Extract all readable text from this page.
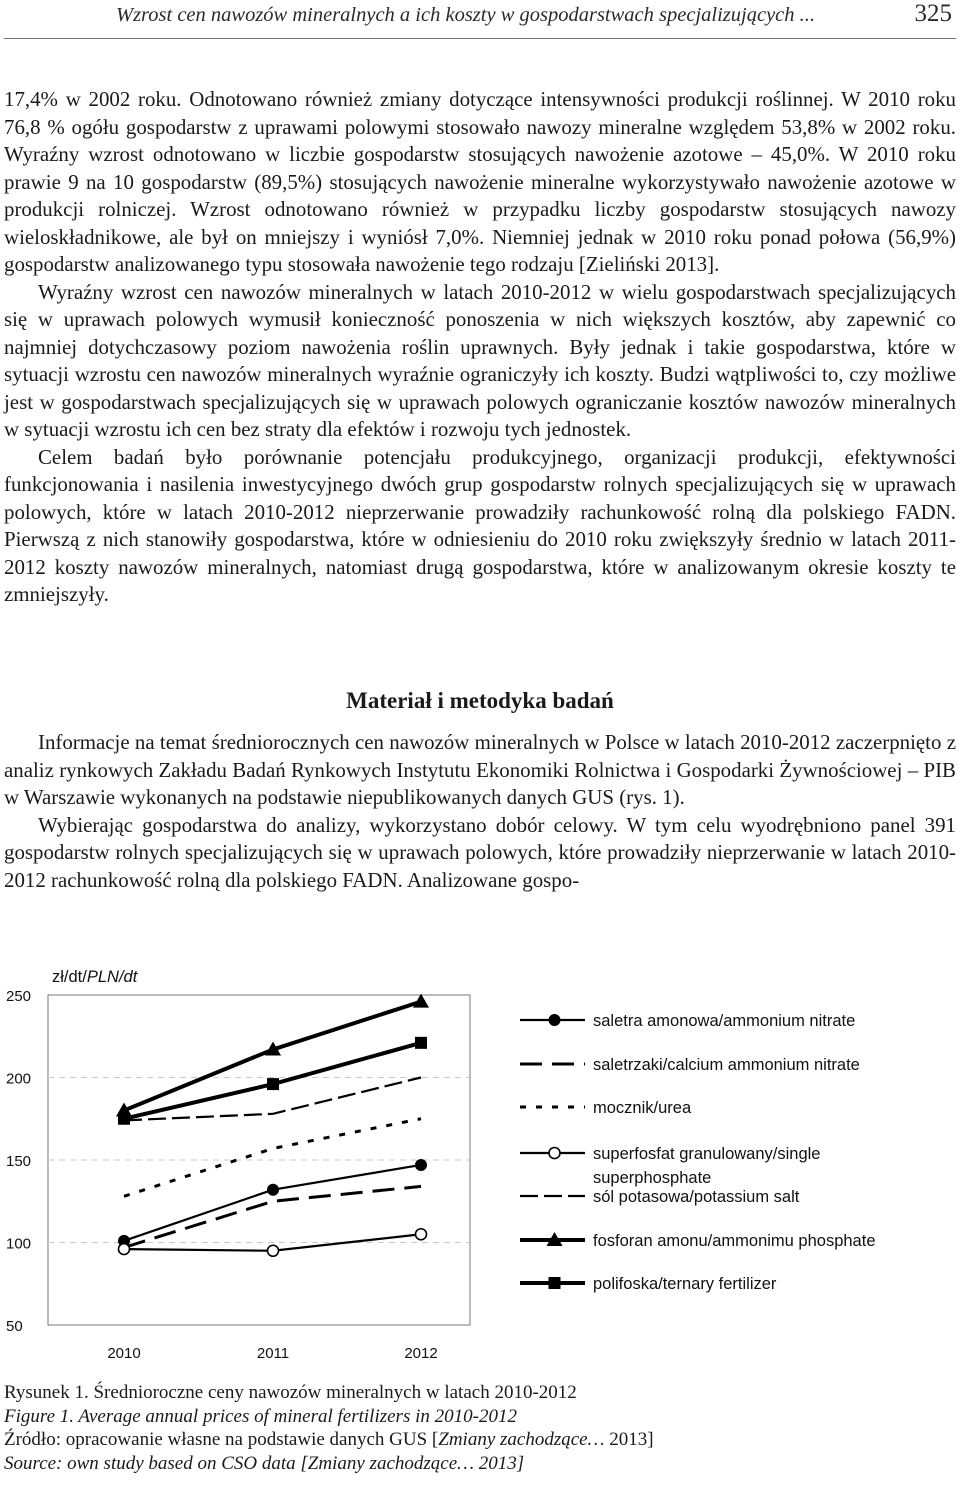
Wzrost cen nawozów mineralnych a ich koszty w gospodarstwach specjalizujących ...	325

17,4% w 2002 roku. Odnotowano również zmiany dotyczące intensywności produkcji roślinnej. W 2010 roku 76,8 % ogółu gospodarstw z uprawami polowymi stosowało nawozy mineralne względem 53,8% w 2002 roku. Wyraźny wzrost odnotowano w liczbie gospodarstw stosujących nawożenie azotowe – 45,0%. W 2010 roku prawie 9 na 10 gospodarstw (89,5%) stosujących nawożenie mineralne wykorzystywało nawożenie azotowe w produkcji rolniczej. Wzrost odnotowano również w przypadku liczby gospodarstw stosujących nawozy wieloskładnikowe, ale był on mniejszy i wyniósł 7,0%. Niemniej jednak w 2010 roku ponad połowa (56,9%) gospodarstw analizowanego typu stosowała nawożenie tego rodzaju [Zieliński 2013].

Wyraźny wzrost cen nawozów mineralnych w latach 2010-2012 w wielu gospodarstwach specjalizujących się w uprawach polowych wymusił konieczność ponoszenia w nich większych kosztów, aby zapewnić co najmniej dotychczasowy poziom nawożenia roślin uprawnych. Były jednak i takie gospodarstwa, które w sytuacji wzrostu cen nawozów mineralnych wyraźnie ograniczyły ich koszty. Budzi wątpliwości to, czy możliwe jest w gospodarstwach specjalizujących się w uprawach polowych ograniczanie kosztów nawozów mineralnych w sytuacji wzrostu ich cen bez straty dla efektów i rozwoju tych jednostek.

Celem badań było porównanie potencjału produkcyjnego, organizacji produkcji, efektywności funkcjonowania i nasilenia inwestycyjnego dwóch grup gospodarstw rolnych specjalizujących się w uprawach polowych, które w latach 2010-2012 nieprzerwanie prowadziły rachunkowość rolną dla polskiego FADN. Pierwszą z nich stanowiły gospodarstwa, które w odniesieniu do 2010 roku zwiększyły średnio w latach 2011-2012 koszty nawozów mineralnych, natomiast drugą gospodarstwa, które w analizowanym okresie koszty te zmniejszyły.

Materiał i metodyka badań

Informacje na temat średniorocznych cen nawozów mineralnych w Polsce w latach 2010-2012 zaczerpnięto z analiz rynkowych Zakładu Badań Rynkowych Instytutu Ekonomiki Rolnictwa i Gospodarki Żywnościowej – PIB w Warszawie wykonanych na podstawie niepublikowanych danych GUS (rys. 1).

Wybierając gospodarstwa do analizy, wykorzystano dobór celowy. W tym celu wyodrębniono panel 391 gospodarstw rolnych specjalizujących się w uprawach polowych, które prowadziły nieprzerwanie w latach 2010-2012 rachunkowość rolną dla polskiego FADN. Analizowane gospo-

50
100
150
200
250
2010	2011	2012
zł/dt/PLN/dt
saletra amonowa/ammonium nitrate
saletrzaki/calcium ammonium nitrate
mocznik/urea
superfosfat granulowany/single superphosphate
sól potasowa/potassium salt
fosforan amonu/ammonimu phosphate
polifoska/ternary fertilizer
Rysunek 1. Średnioroczne ceny nawozów mineralnych w latach 2010-2012
Figure 1. Average annual prices of mineral fertilizers in 2010-2012
Źródło: opracowanie własne na podstawie danych GUS [Zmiany zachodzące… 2013]
Source: own study based on CSO data [Zmiany zachodzące… 2013]
